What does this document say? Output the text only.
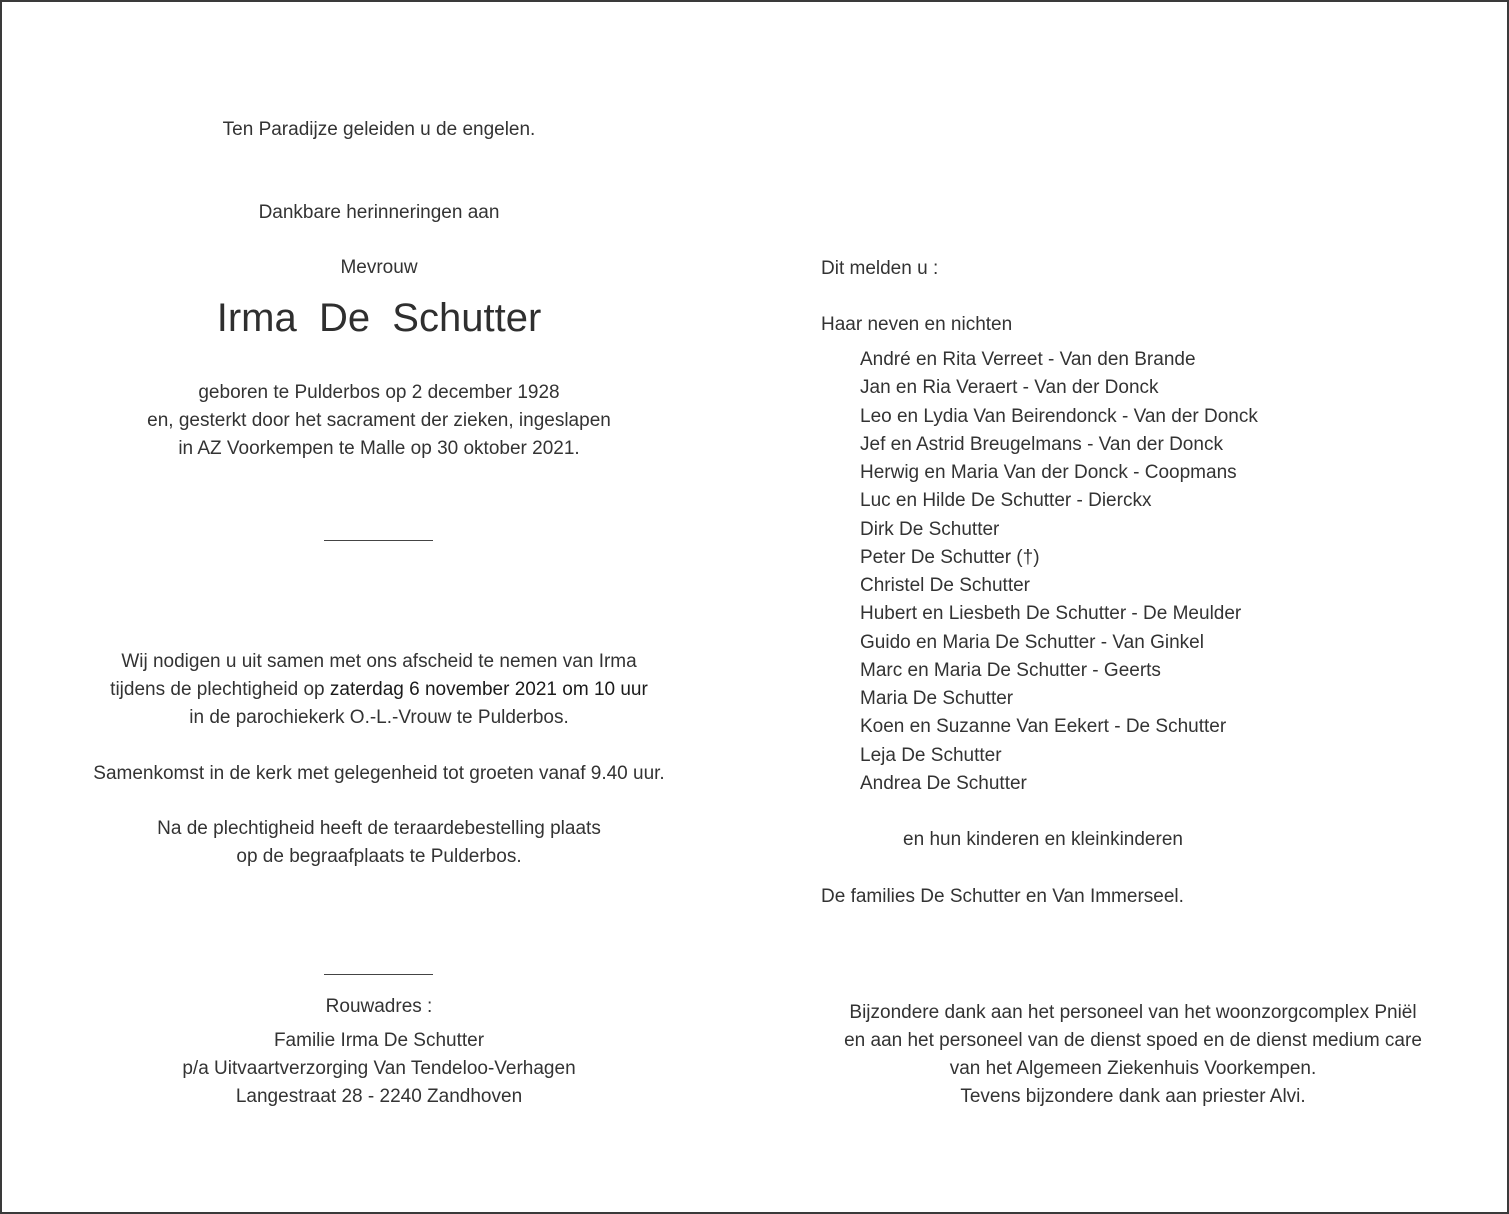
Ten Paradijze geleiden u de engelen.
Dankbare herinneringen aan
Mevrouw
Irma  De  Schutter
geboren te Pulderbos op 2 december 1928
en, gesterkt door het sacrament der zieken, ingeslapen
in AZ Voorkempen te Malle op 30 oktober 2021.
Wij nodigen u uit samen met ons afscheid te nemen van Irma
tijdens de plechtigheid op zaterdag 6 november 2021 om 10 uur
in de parochiekerk O.-L.-Vrouw te Pulderbos.
Samenkomst in de kerk met gelegenheid tot groeten vanaf 9.40 uur.
Na de plechtigheid heeft de teraardebestelling plaats
op de begraafplaats te Pulderbos.
Rouwadres :
Familie Irma De Schutter
p/a Uitvaartverzorging Van Tendeloo-Verhagen
Langestraat 28 - 2240 Zandhoven
Dit melden u :
Haar neven en nichten
André en Rita Verreet - Van den Brande
Jan en Ria Veraert - Van der Donck
Leo en Lydia Van Beirendonck - Van der Donck
Jef en Astrid Breugelmans - Van der Donck
Herwig en Maria Van der Donck - Coopmans
Luc en Hilde De Schutter - Dierckx
Dirk De Schutter
Peter De Schutter (†)
Christel De Schutter
Hubert en Liesbeth De Schutter - De Meulder
Guido en Maria De Schutter - Van Ginkel
Marc en Maria De Schutter - Geerts
Maria De Schutter
Koen en Suzanne Van Eekert - De Schutter
Leja De Schutter
Andrea De Schutter
en hun kinderen en kleinkinderen
De families De Schutter en Van Immerseel.
Bijzondere dank aan het personeel van het woonzorgcomplex Pniël
en aan het personeel van de dienst spoed en de dienst medium care
van het Algemeen Ziekenhuis Voorkempen.
Tevens bijzondere dank aan priester Alvi.
